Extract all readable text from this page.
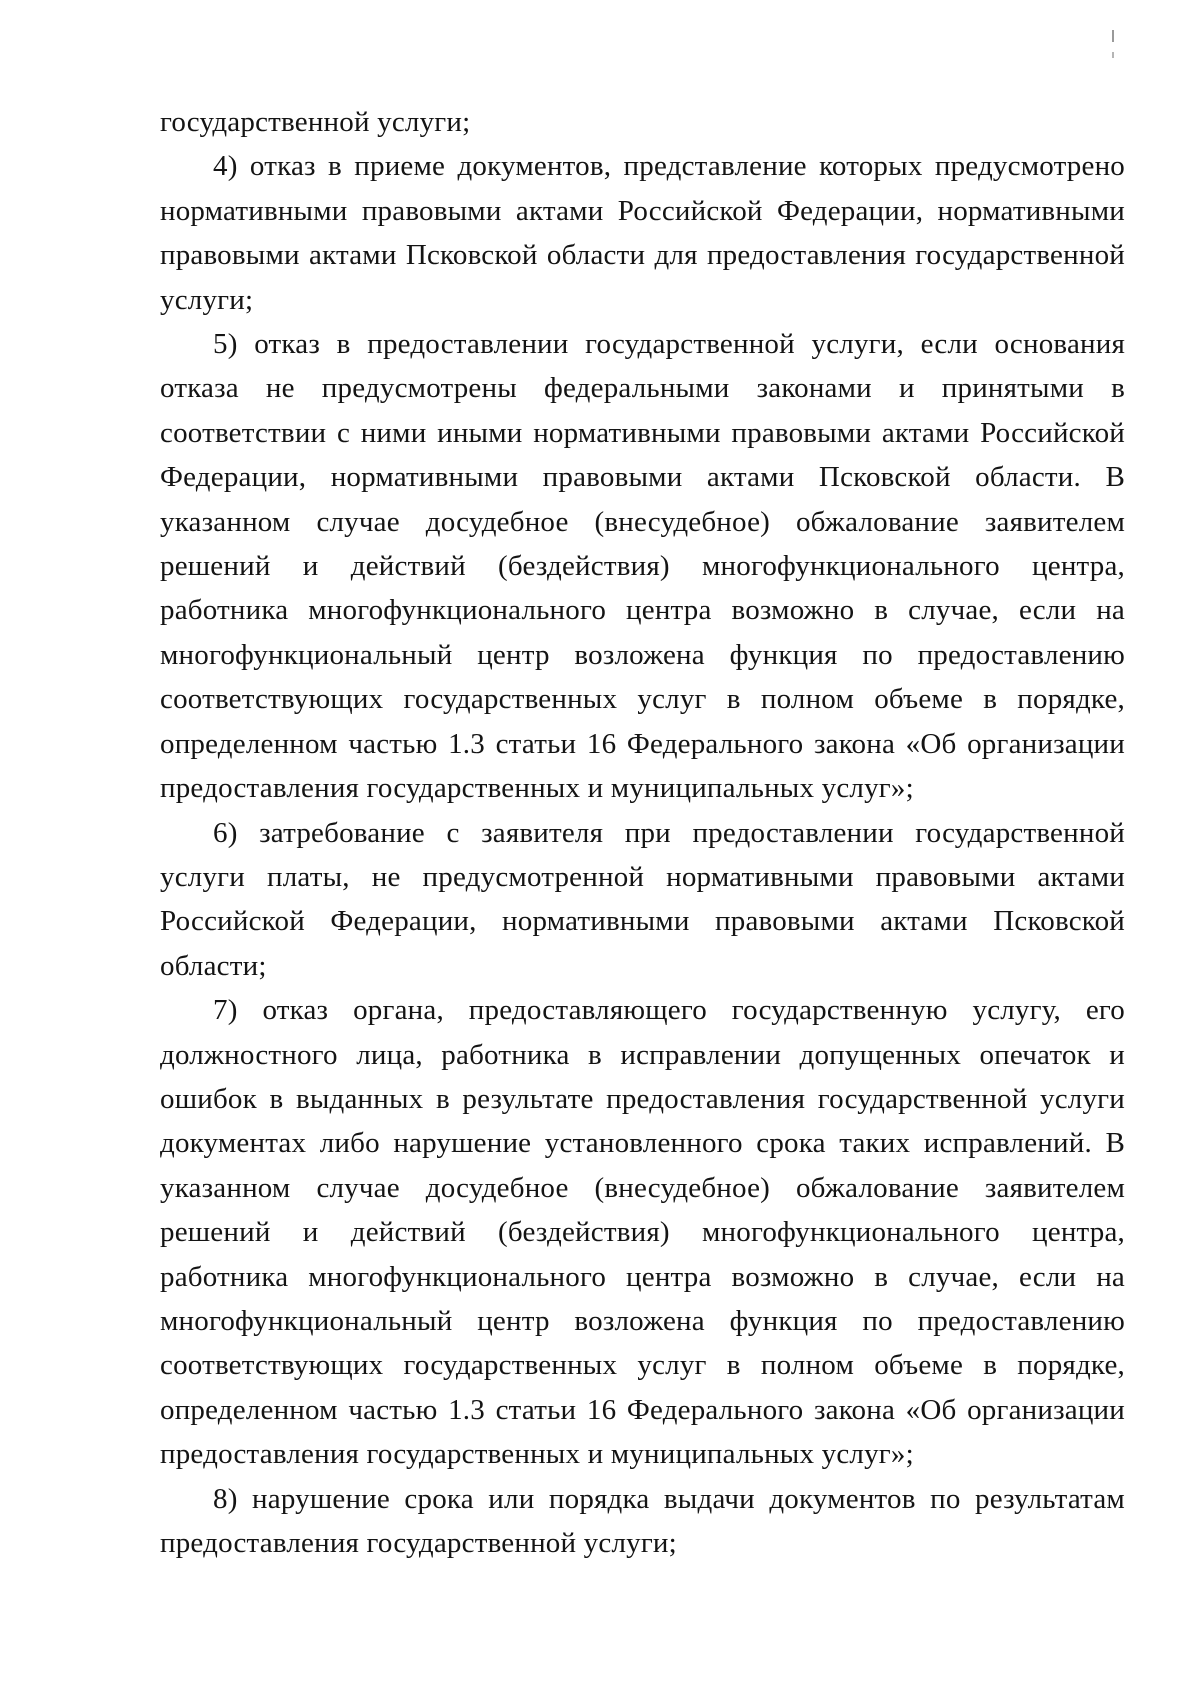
государственной услуги;

4) отказ в приеме документов, представление которых предусмотрено нормативными правовыми актами Российской Федерации, нормативными правовыми актами Псковской области для предоставления государственной услуги;

5) отказ в предоставлении государственной услуги, если основания отказа не предусмотрены федеральными законами и принятыми в соответствии с ними иными нормативными правовыми актами Российской Федерации, нормативными правовыми актами Псковской области. В указанном случае досудебное (внесудебное) обжалование заявителем решений и действий (бездействия) многофункционального центра, работника многофункционального центра возможно в случае, если на многофункциональный центр возложена функция по предоставлению соответствующих государственных услуг в полном объеме в порядке, определенном частью 1.3 статьи 16 Федерального закона «Об организации предоставления государственных и муниципальных услуг»;

6) затребование с заявителя при предоставлении государственной услуги платы, не предусмотренной нормативными правовыми актами Российской Федерации, нормативными правовыми актами Псковской области;

7) отказ органа, предоставляющего государственную услугу, его должностного лица, работника в исправлении допущенных опечаток и ошибок в выданных в результате предоставления государственной услуги документах либо нарушение установленного срока таких исправлений. В указанном случае досудебное (внесудебное) обжалование заявителем решений и действий (бездействия) многофункционального центра, работника многофункционального центра возможно в случае, если на многофункциональный центр возложена функция по предоставлению соответствующих государственных услуг в полном объеме в порядке, определенном частью 1.3 статьи 16 Федерального закона «Об организации предоставления государственных и муниципальных услуг»;

8) нарушение срока или порядка выдачи документов по результатам предоставления государственной услуги;
